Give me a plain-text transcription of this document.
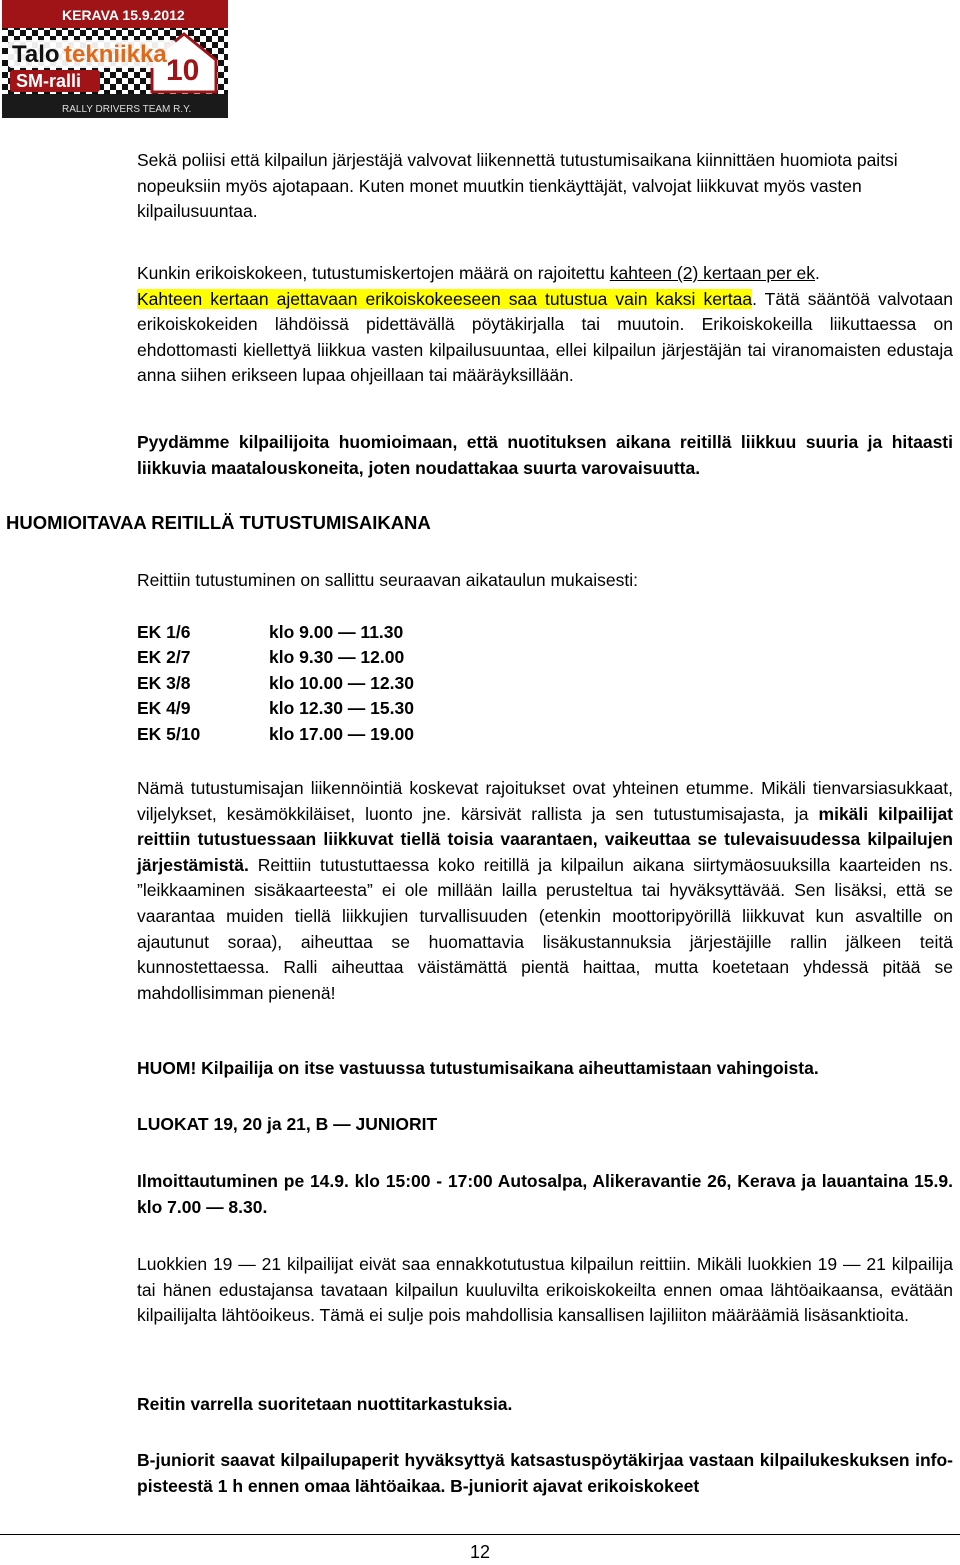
KERAVA 15.9.2012
Talo tekniikka 10
SM-ralli
RALLY DRIVERS TEAM R.Y.

Sekä poliisi että kilpailun järjestäjä valvovat liikennettä tutustumisaikana kiinnittäen huomiota paitsi nopeuksiin myös ajotapaan. Kuten monet muutkin tienkäyttäjät, valvojat liikkuvat myös vasten kilpailusuuntaa.

Kunkin erikoiskokeen, tutustumiskertojen määrä on rajoitettu kahteen (2) kertaan per ek.
Kahteen kertaan ajettavaan erikoiskokeeseen saa tutustua vain kaksi kertaa. Tätä sääntöä valvotaan erikoiskokeiden lähdöissä pidettävällä pöytäkirjalla tai muutoin. Erikoiskokeilla liikuttaessa on ehdottomasti kiellettyä liikkua vasten kilpailusuuntaa, ellei kilpailun järjestäjän tai viranomaisten edustaja anna siihen erikseen lupaa ohjeillaan tai määräyksillään.

Pyydämme kilpailijoita huomioimaan, että nuotituksen aikana reitillä liikkuu suuria ja hitaasti liikkuvia maatalouskoneita, joten noudattakaa suurta varovaisuutta.

HUOMIOITAVAA REITILLÄ TUTUSTUMISAIKANA

Reittiin tutustuminen on sallittu seuraavan aikataulun mukaisesti:

EK 1/6	klo 9.00 — 11.30
EK 2/7	klo 9.30 — 12.00
EK 3/8	klo 10.00 — 12.30
EK 4/9	klo 12.30 — 15.30
EK 5/10	klo 17.00 — 19.00

Nämä tutustumisajan liikennöintiä koskevat rajoitukset ovat yhteinen etumme. Mikäli tienvarsiasukkaat, viljelykset, kesämökkiläiset, luonto jne. kärsivät rallista ja sen tutustumisajasta, ja mikäli kilpailijat reittiin tutustuessaan liikkuvat tiellä toisia vaarantaen, vaikeuttaa se tulevaisuudessa kilpailujen järjestämistä. Reittiin tutustuttaessa koko reitillä ja kilpailun aikana siirtymäosuuksilla kaarteiden ns. ”leikkaaminen sisäkaarteesta” ei ole millään lailla perusteltua tai hyväksyttävää. Sen lisäksi, että se vaarantaa muiden tiellä liikkujien turvallisuuden (etenkin moottoripyörillä liikkuvat kun asvaltille on ajautunut soraa), aiheuttaa se huomattavia lisäkustannuksia järjestäjille rallin jälkeen teitä kunnostettaessa. Ralli aiheuttaa väistämättä pientä haittaa, mutta koetetaan yhdessä pitää se mahdollisimman pienenä!

HUOM! Kilpailija on itse vastuussa tutustumisaikana aiheuttamistaan vahingoista.

LUOKAT 19, 20 ja 21, B — JUNIORIT

Ilmoittautuminen pe 14.9. klo 15:00 - 17:00 Autosalpa, Alikeravantie 26, Kerava ja lauantaina 15.9. klo 7.00 — 8.30.

Luokkien 19 — 21 kilpailijat eivät saa ennakkotutustua kilpailun reittiin. Mikäli luokkien 19 — 21 kilpailija tai hänen edustajansa tavataan kilpailun kuuluvilta erikoiskokeilta ennen omaa lähtöaikaansa, evätään kilpailijalta lähtöoikeus. Tämä ei sulje pois mahdollisia kansallisen lajiliiton määräämiä lisäsanktioita.

Reitin varrella suoritetaan nuottitarkastuksia.

B-juniorit saavat kilpailupaperit hyväksyttyä katsastuspöytäkirjaa vastaan kilpailukeskuksen info-pisteestä 1 h ennen omaa lähtöaikaa. B-juniorit ajavat erikoiskokeet

12
